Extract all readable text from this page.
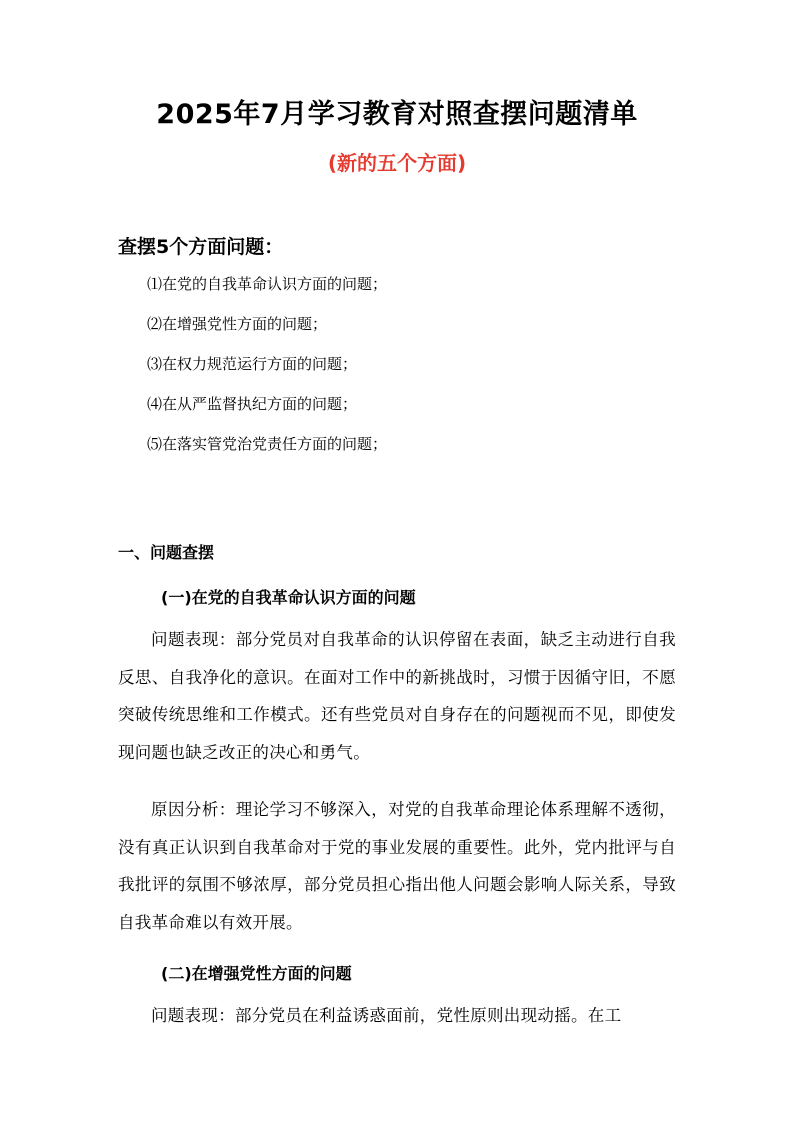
2025年7月学习教育对照查摆问题清单
(新的五个方面)
查摆5个方面问题：
⑴在党的自我革命认识方面的问题；
⑵在增强党性方面的问题；
⑶在权力规范运行方面的问题；
⑷在从严监督执纪方面的问题；
⑸在落实管党治党责任方面的问题；
一、问题查摆
(一)在党的自我革命认识方面的问题

问题表现：部分党员对自我革命的认识停留在表面，缺乏主动进行自我反思、自我净化的意识。在面对工作中的新挑战时，习惯于因循守旧，不愿突破传统思维和工作模式。还有些党员对自身存在的问题视而不见，即使发现问题也缺乏改正的决心和勇气。

原因分析：理论学习不够深入，对党的自我革命理论体系理解不透彻，没有真正认识到自我革命对于党的事业发展的重要性。此外，党内批评与自我批评的氛围不够浓厚，部分党员担心指出他人问题会影响人际关系，导致自我革命难以有效开展。

(二)在增强党性方面的问题

问题表现：部分党员在利益诱惑面前，党性原则出现动摇。在工
